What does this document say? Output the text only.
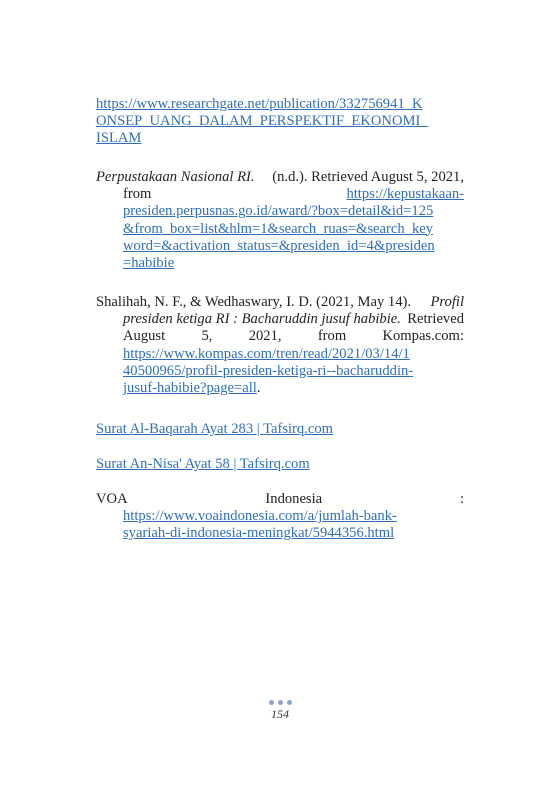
https://www.researchgate.net/publication/332756941_K
ONSEP_UANG_DALAM_PERSPEKTIF_EKONOMI_
ISLAM
Perpustakaan Nasional RI. (n.d.). Retrieved August 5, 2021,
from	https://kepustakaan-
presiden.perpusnas.go.id/award/?box=detail&id=125
&from_box=list&hlm=1&search_ruas=&search_key
word=&activation_status=&presiden_id=4&presiden
=habibie
Shalihah, N. F., & Wedhaswary, I. D. (2021, May 14). Profil
presiden ketiga RI : Bacharuddin jusuf habibie. Retrieved
August 5, 2021, from Kompas.com:
https://www.kompas.com/tren/read/2021/03/14/1
40500965/profil-presiden-ketiga-ri--bacharuddin-
jusuf-habibie?page=all.
Surat Al-Baqarah Ayat 283 | Tafsirq.com
Surat An-Nisa' Ayat 58 | Tafsirq.com
VOA	Indonesia	:
https://www.voaindonesia.com/a/jumlah-bank-
syariah-di-indonesia-meningkat/5944356.html
154
